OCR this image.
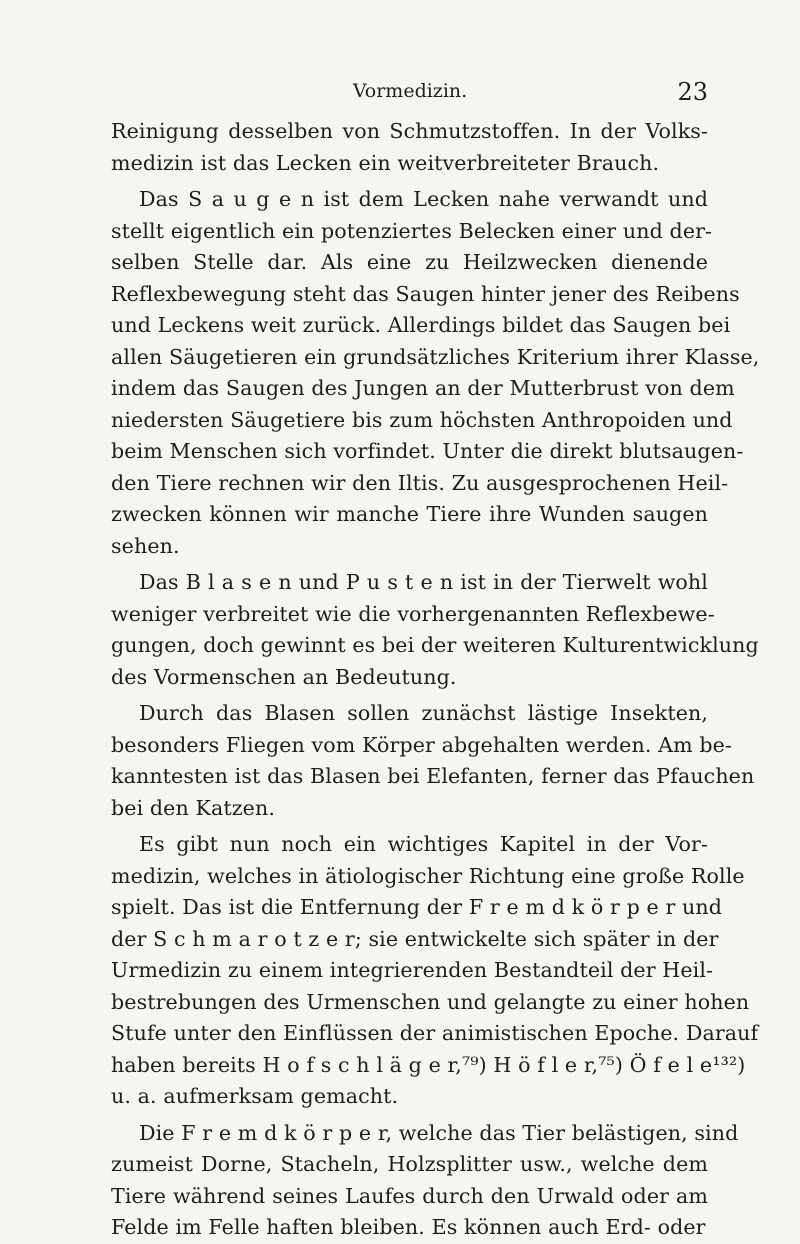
Vormedizin.	23
Reinigung desselben von Schmutzstoffen. In der Volks-
medizin ist das Lecken ein weitverbreiteter Brauch.
Das S a u g e n ist dem Lecken nahe verwandt und
stellt eigentlich ein potenziertes Belecken einer und der-
selben Stelle dar. Als eine zu Heilzwecken dienende
Reflexbewegung steht das Saugen hinter jener des Reibens
und Leckens weit zurück. Allerdings bildet das Saugen bei
allen Säugetieren ein grundsätzliches Kriterium ihrer Klasse,
indem das Saugen des Jungen an der Mutterbrust von dem
niedersten Säugetiere bis zum höchsten Anthropoiden und
beim Menschen sich vorfindet. Unter die direkt blutsaugen-
den Tiere rechnen wir den Iltis. Zu ausgesprochenen Heil-
zwecken können wir manche Tiere ihre Wunden saugen
sehen.
Das B l a s e n und P u s t e n ist in der Tierwelt wohl
weniger verbreitet wie die vorhergenannten Reflexbewe-
gungen, doch gewinnt es bei der weiteren Kulturentwicklung
des Vormenschen an Bedeutung.
Durch das Blasen sollen zunächst lästige Insekten,
besonders Fliegen vom Körper abgehalten werden. Am be-
kanntesten ist das Blasen bei Elefanten, ferner das Pfauchen
bei den Katzen.
Es gibt nun noch ein wichtiges Kapitel in der Vor-
medizin, welches in ätiologischer Richtung eine große Rolle
spielt. Das ist die Entfernung der F r e m d k ö r p e r und
der S c h m a r o t z e r; sie entwickelte sich später in der
Urmedizin zu einem integrierenden Bestandteil der Heil-
bestrebungen des Urmenschen und gelangte zu einer hohen
Stufe unter den Einflüssen der animistischen Epoche. Darauf
haben bereits H o f s c h l ä g e r,⁷⁹) H ö f l e r,⁷⁵) Ö f e l e¹³²)
u. a. aufmerksam gemacht.
Die F r e m d k ö r p e r, welche das Tier belästigen, sind
zumeist Dorne, Stacheln, Holzsplitter usw., welche dem
Tiere während seines Laufes durch den Urwald oder am
Felde im Felle haften bleiben. Es können auch Erd- oder
